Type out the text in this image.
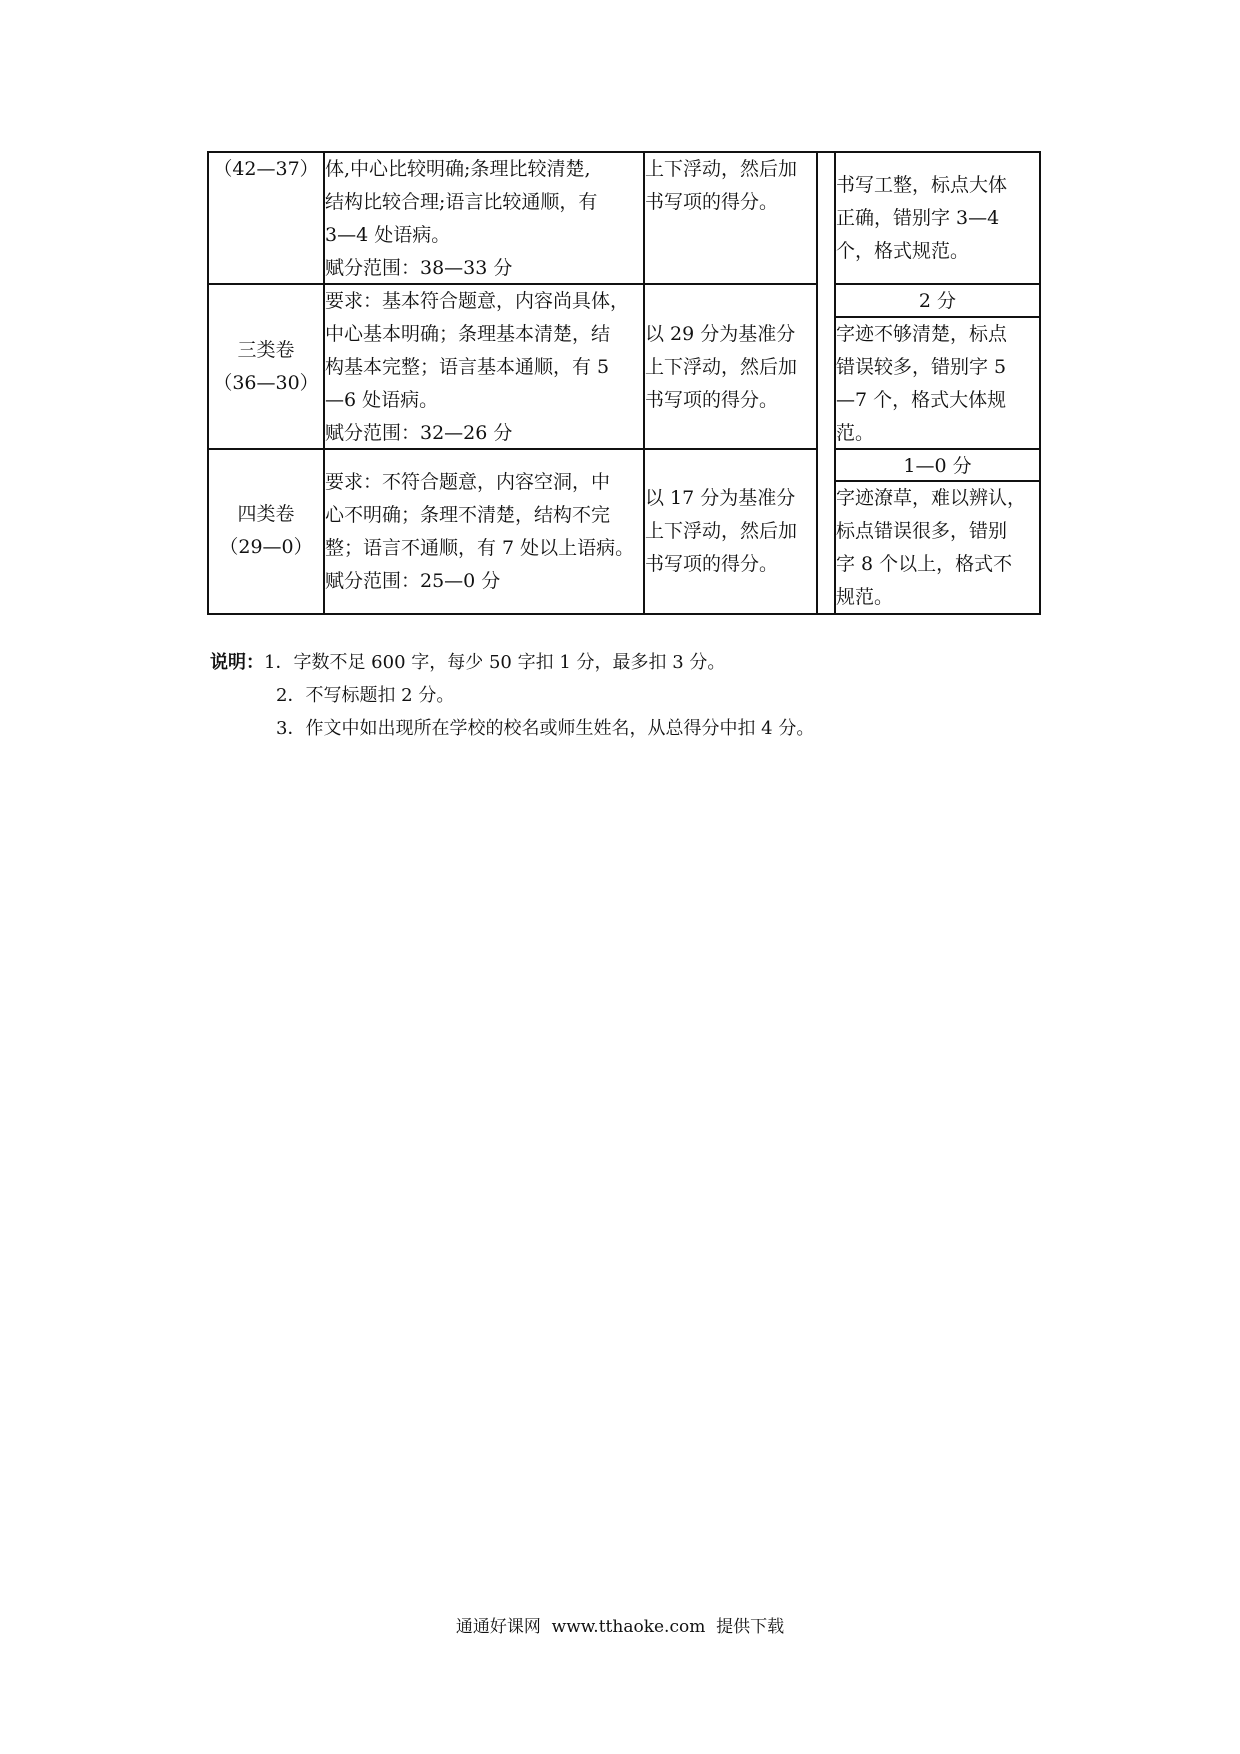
（42—37） 体,中心比较明确;条理比较清楚,
结构比较合理;语言比较通顺，有
3—4 处语病。
赋分范围：38—33 分
上下浮动，然后加
书写项的得分。
书写工整，标点大体
正确，错别字 3—4
个，格式规范。
三类卷
（36—30）
要求：基本符合题意，内容尚具体，
中心基本明确；条理基本清楚，结
构基本完整；语言基本通顺，有 5
—6 处语病。
赋分范围：32—26 分
以 29 分为基准分
上下浮动，然后加
书写项的得分。
2 分
字迹不够清楚，标点
错误较多，错别字 5
—7 个，格式大体规
范。
四类卷
（29—0）
要求：不符合题意，内容空洞，中
心不明确；条理不清楚，结构不完
整；语言不通顺，有 7 处以上语病。
赋分范围：25—0 分
以 17 分为基准分
上下浮动，然后加
书写项的得分。
1—0 分
字迹潦草，难以辨认，
标点错误很多，错别
字 8 个以上，格式不
规范。
说明：1．字数不足 600 字，每少 50 字扣 1 分，最多扣 3 分。
2．不写标题扣 2 分。
3．作文中如出现所在学校的校名或师生姓名，从总得分中扣 4 分。
通通好课网  www.tthaoke.com  提供下载
